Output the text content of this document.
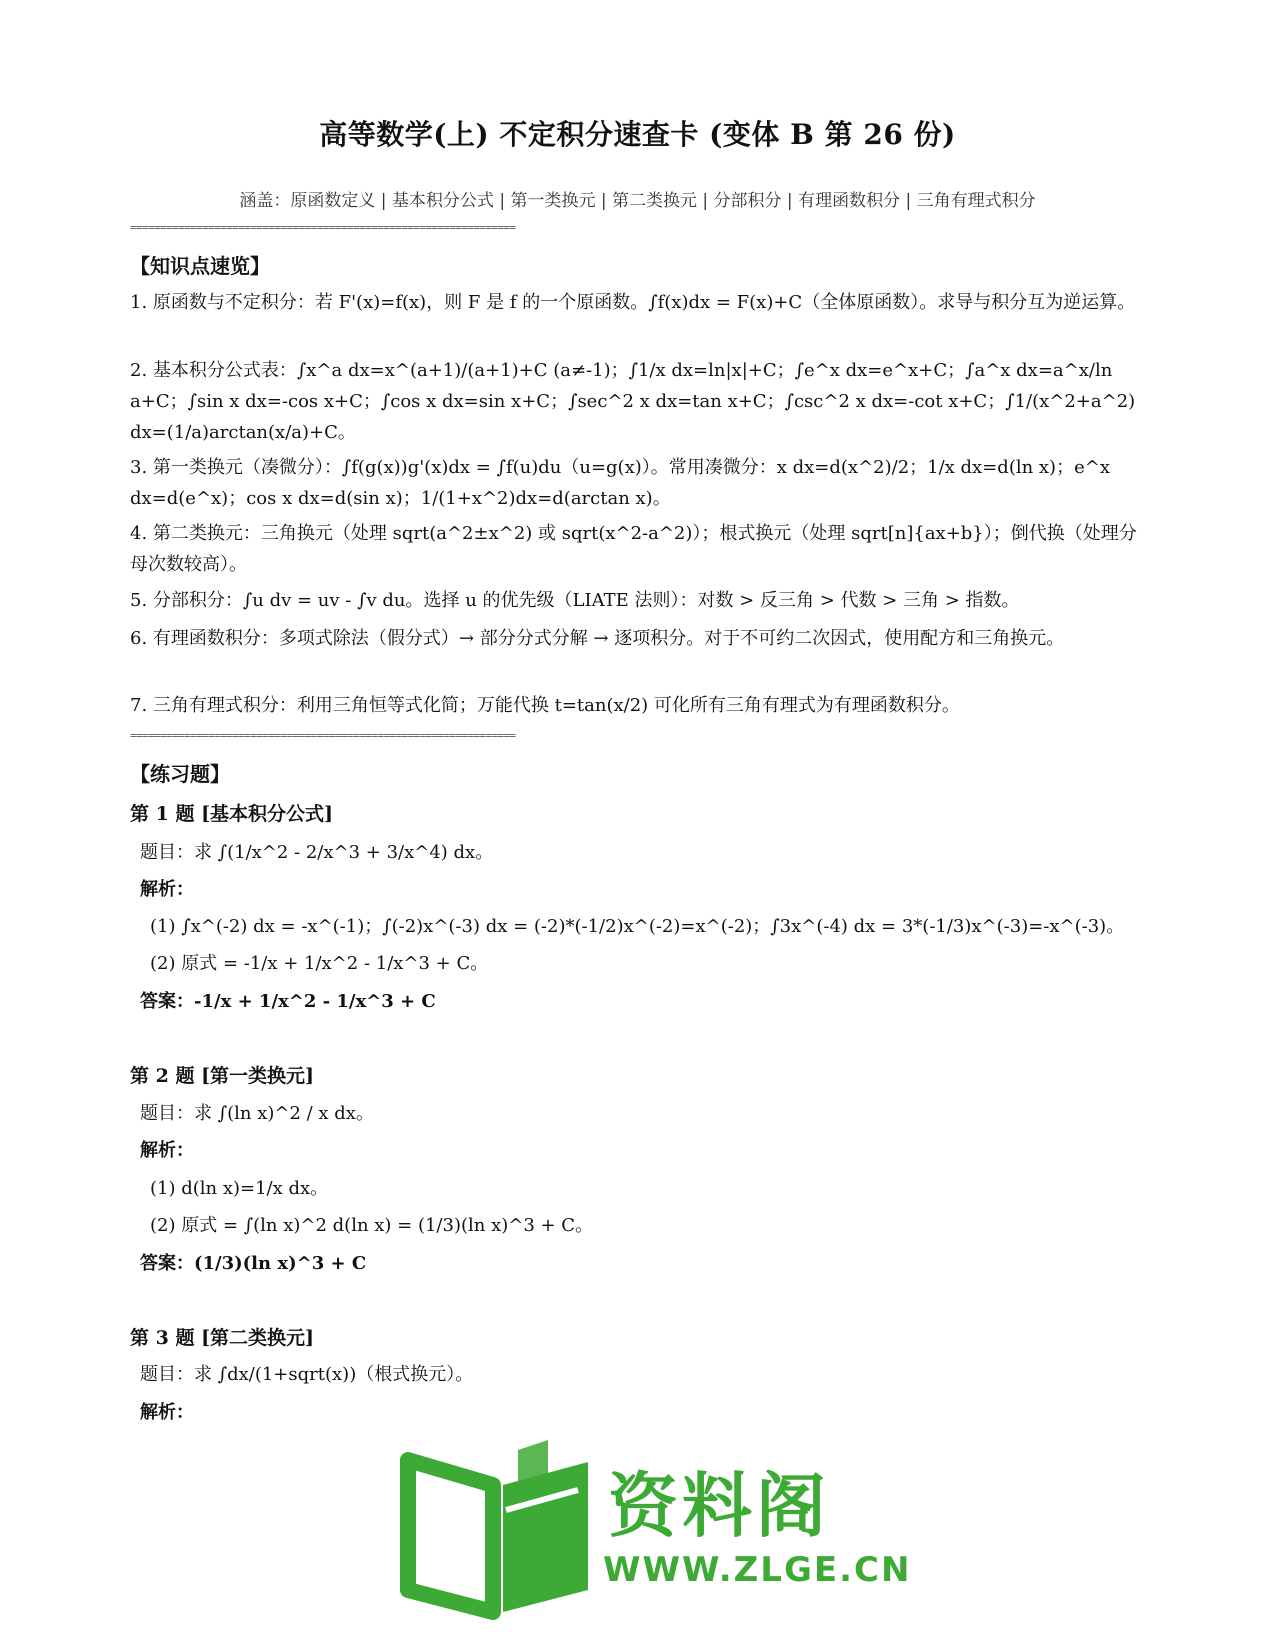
高等数学(上) 不定积分速查卡 (变体 B 第 26 份)
涵盖：原函数定义 | 基本积分公式 | 第一类换元 | 第二类换元 | 分部积分 | 有理函数积分 | 三角有理式积分
================================================================
【知识点速览】
1. 原函数与不定积分：若 F'(x)=f(x)，则 F 是 f 的一个原函数。∫f(x)dx = F(x)+C（全体原函数）。求导与积分互为逆运算。
2. 基本积分公式表：∫x^a dx=x^(a+1)/(a+1)+C (a≠-1)；∫1/x dx=ln|x|+C；∫e^x dx=e^x+C；∫a^x dx=a^x/ln a+C；∫sin x dx=-cos x+C；∫cos x dx=sin x+C；∫sec^2 x dx=tan x+C；∫csc^2 x dx=-cot x+C；∫1/(x^2+a^2) dx=(1/a)arctan(x/a)+C。
3. 第一类换元（凑微分）：∫f(g(x))g'(x)dx = ∫f(u)du（u=g(x)）。常用凑微分：x dx=d(x^2)/2；1/x dx=d(ln x)；e^x dx=d(e^x)；cos x dx=d(sin x)；1/(1+x^2)dx=d(arctan x)。
4. 第二类换元：三角换元（处理 sqrt(a^2±x^2) 或 sqrt(x^2-a^2)）；根式换元（处理 sqrt[n]{ax+b}）；倒代换（处理分母次数较高）。
5. 分部积分：∫u dv = uv - ∫v du。选择 u 的优先级（LIATE 法则）：对数 > 反三角 > 代数 > 三角 > 指数。
6. 有理函数积分：多项式除法（假分式）→ 部分分式分解 → 逐项积分。对于不可约二次因式，使用配方和三角换元。
7. 三角有理式积分：利用三角恒等式化简；万能代换 t=tan(x/2) 可化所有三角有理式为有理函数积分。
================================================================
【练习题】
第 1 题 [基本积分公式]
题目：求 ∫(1/x^2 - 2/x^3 + 3/x^4) dx。
解析：
(1) ∫x^(-2) dx = -x^(-1)；∫(-2)x^(-3) dx = (-2)*(-1/2)x^(-2)=x^(-2)；∫3x^(-4) dx = 3*(-1/3)x^(-3)=-x^(-3)。
(2) 原式 = -1/x + 1/x^2 - 1/x^3 + C。
答案：-1/x + 1/x^2 - 1/x^3 + C
第 2 题 [第一类换元]
题目：求 ∫(ln x)^2 / x dx。
解析：
(1) d(ln x)=1/x dx。
(2) 原式 = ∫(ln x)^2 d(ln x) = (1/3)(ln x)^3 + C。
答案：(1/3)(ln x)^3 + C
第 3 题 [第二类换元]
题目：求 ∫dx/(1+sqrt(x))（根式换元）。
解析：
资料阁
WWW.ZLGE.CN
